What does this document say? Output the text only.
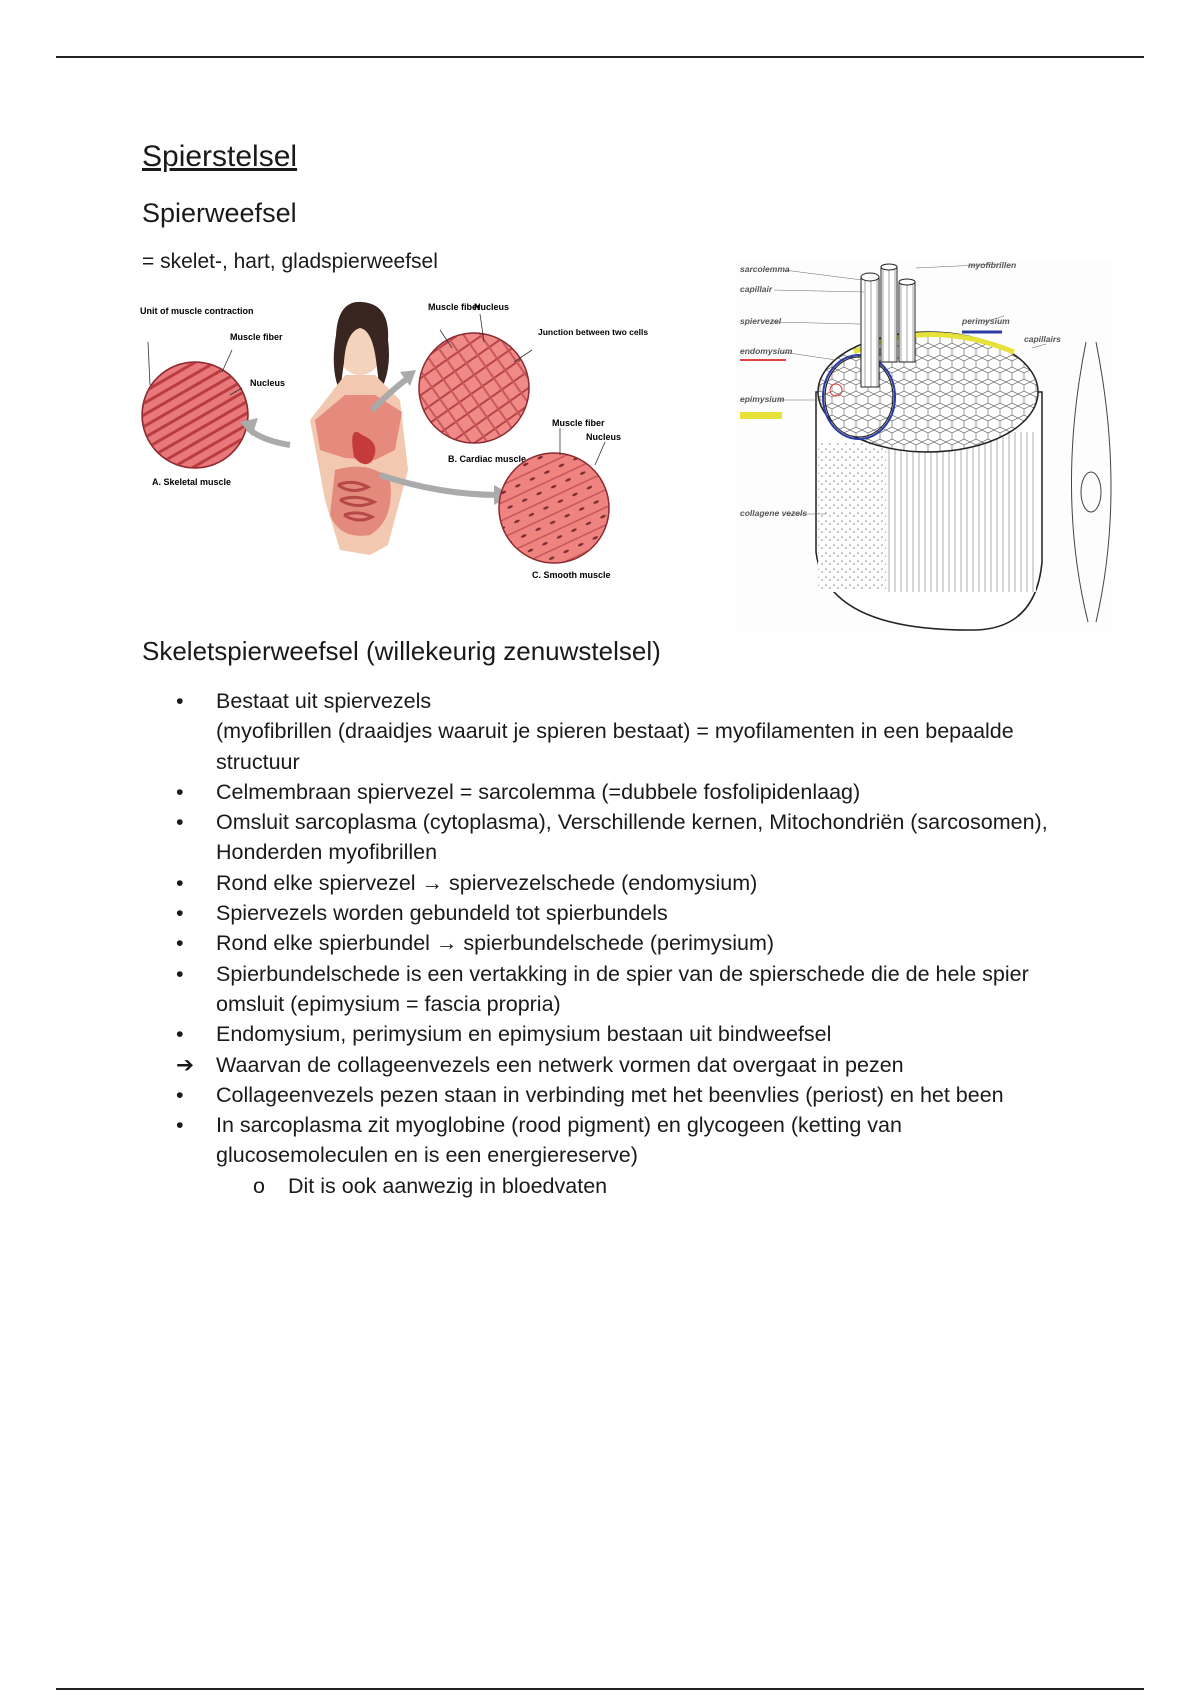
Spierstelsel
Spierweefsel

= skelet-, hart, gladspierweefsel

Unit of muscle contraction
Muscle fiber
Nucleus
A. Skeletal muscle
Muscle fiber
Nucleus
Junction between two cells
B. Cardiac muscle
Muscle fiber
Nucleus
C. Smooth muscle
sarcolemma
capillair
spiervezel
endomysium
epimysium
collagene vezels
myofibrillen
perimysium
capillairs
Skeletspierweefsel (willekeurig zenuwstelsel)
•	Bestaat uit spiervezels
(myofibrillen (draaidjes waaruit je spieren bestaat) = myofilamenten in een bepaalde structuur
•	Celmembraan spiervezel = sarcolemma (=dubbele fosfolipidenlaag)
•	Omsluit sarcoplasma (cytoplasma), Verschillende kernen, Mitochondriën (sarcosomen), Honderden myofibrillen
•	Rond elke spiervezel → spiervezelschede (endomysium)
•	Spiervezels worden gebundeld tot spierbundels
•	Rond elke spierbundel → spierbundelschede (perimysium)
•	Spierbundelschede is een vertakking in de spier van de spierschede die de hele spier omsluit (epimysium = fascia propria)
•	Endomysium, perimysium en epimysium bestaan uit bindweefsel
➔	Waarvan de collageenvezels een netwerk vormen dat overgaat in pezen
•	Collageenvezels pezen staan in verbinding met het beenvlies (periost) en het been
•	In sarcoplasma zit myoglobine (rood pigment) en glycogeen (ketting van glucosemoleculen en is een energiereserve)
o	Dit is ook aanwezig in bloedvaten
